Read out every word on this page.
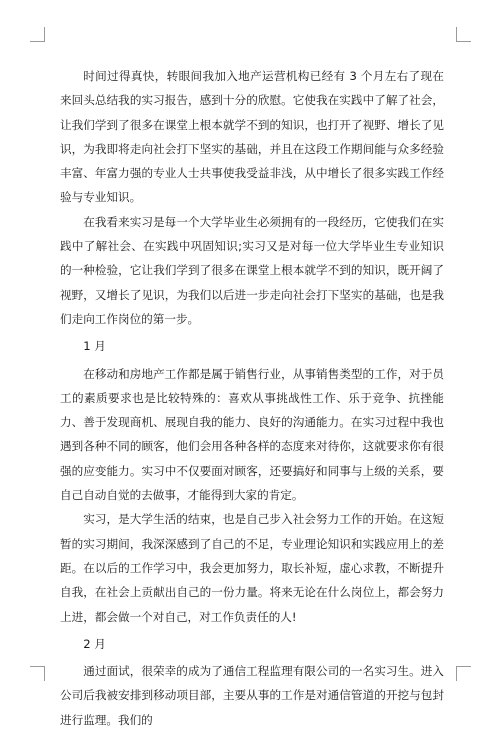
时间过得真快，转眼间我加入地产运营机构已经有 3 个月左右了现在来回头总结我的实习报告，感到十分的欣慰。它使我在实践中了解了社会，让我们学到了很多在课堂上根本就学不到的知识，也打开了视野、增长了见识，为我即将走向社会打下坚实的基础，并且在这段工作期间能与众多经验丰富、年富力强的专业人士共事使我受益非浅，从中增长了很多实践工作经验与专业知识。

在我看来实习是每一个大学毕业生必须拥有的一段经历，它使我们在实践中了解社会、在实践中巩固知识;实习又是对每一位大学毕业生专业知识的一种检验，它让我们学到了很多在课堂上根本就学不到的知识，既开阔了视野，又增长了见识，为我们以后进一步走向社会打下坚实的基础，也是我们走向工作岗位的第一步。

1 月

在移动和房地产工作都是属于销售行业，从事销售类型的工作，对于员工的素质要求也是比较特殊的：喜欢从事挑战性工作、乐于竞争、抗挫能力、善于发现商机、展现自我的能力、良好的沟通能力。在实习过程中我也遇到各种不同的顾客，他们会用各种各样的态度来对待你，这就要求你有很强的应变能力。实习中不仅要面对顾客，还要搞好和同事与上级的关系，要自己自动自觉的去做事，才能得到大家的肯定。

实习，是大学生活的结束，也是自己步入社会努力工作的开始。在这短暂的实习期间，我深深感到了自己的不足，专业理论知识和实践应用上的差距。在以后的工作学习中，我会更加努力，取长补短，虚心求教，不断提升自我，在社会上贡献出自己的一份力量。将来无论在什么岗位上，都会努力上进，都会做一个对自己，对工作负责任的人!

2 月

通过面试，很荣幸的成为了通信工程监理有限公司的一名实习生。进入公司后我被安排到移动项目部，主要从事的工作是对通信管道的开挖与包封进行监理。我们的
